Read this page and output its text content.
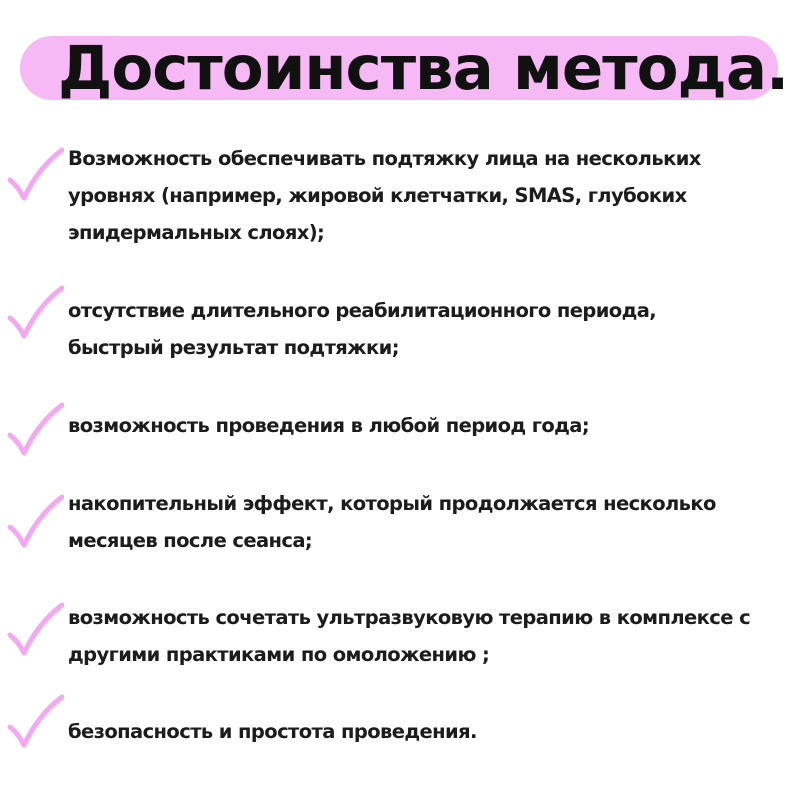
Достоинства метода.

Возможность обеспечивать подтяжку лица на нескольких
уровнях (например, жировой клетчатки, SMAS, глубоких
эпидермальных слоях);

отсутствие длительного реабилитационного периода,
быстрый результат подтяжки;

возможность проведения в любой период года;

накопительный эффект, который продолжается несколько
месяцев после сеанса;

возможность сочетать ультразвуковую терапию в комплексе с
другими практиками по омоложению ;

безопасность и простота проведения.
